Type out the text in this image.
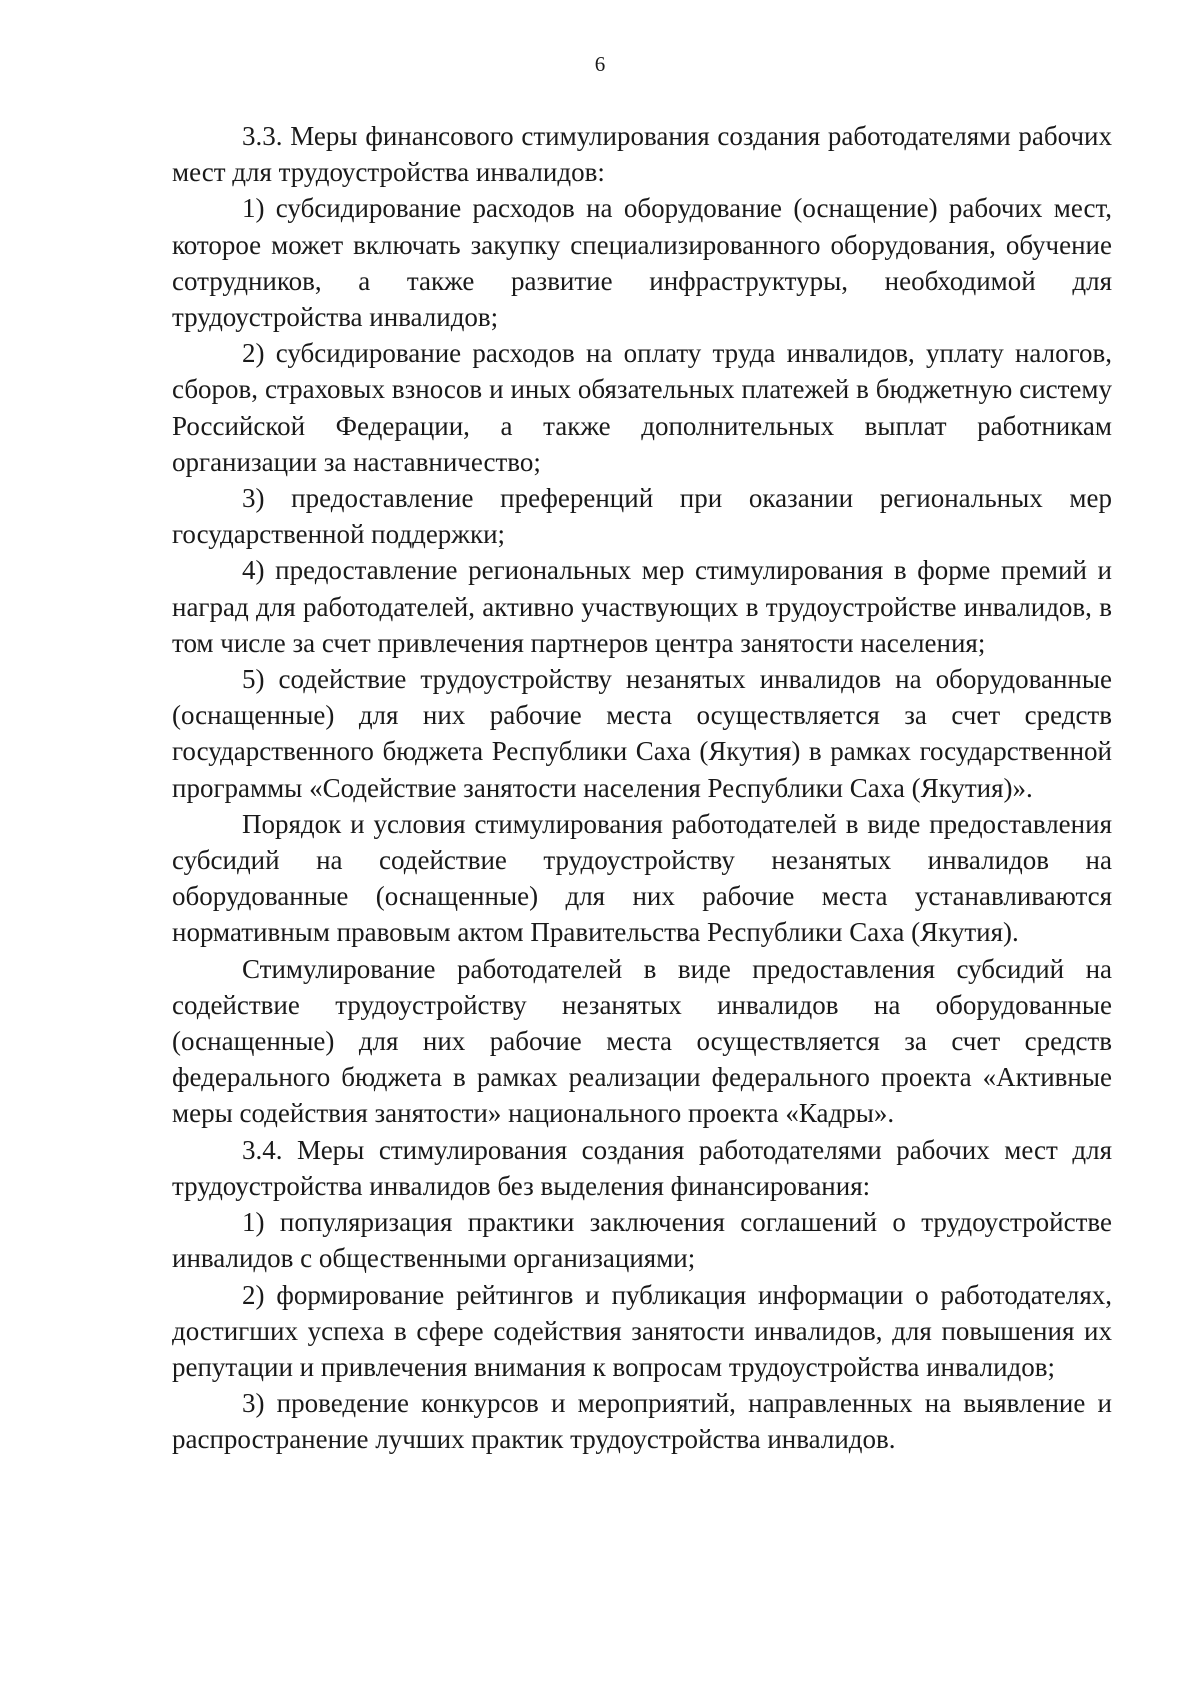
6

3.3. Меры финансового стимулирования создания работодателями рабочих мест для трудоустройства инвалидов:

1) субсидирование расходов на оборудование (оснащение) рабочих мест, которое может включать закупку специализированного оборудования, обучение сотрудников, а также развитие инфраструктуры, необходимой для трудоустройства инвалидов;

2) субсидирование расходов на оплату труда инвалидов, уплату налогов, сборов, страховых взносов и иных обязательных платежей в бюджетную систему Российской Федерации, а также дополнительных выплат работникам организации за наставничество;

3) предоставление преференций при оказании региональных мер государственной поддержки;

4) предоставление региональных мер стимулирования в форме премий и наград для работодателей, активно участвующих в трудоустройстве инвалидов, в том числе за счет привлечения партнеров центра занятости населения;

5) содействие трудоустройству незанятых инвалидов на оборудованные (оснащенные) для них рабочие места осуществляется за счет средств государственного бюджета Республики Саха (Якутия) в рамках государственной программы «Содействие занятости населения Республики Саха (Якутия)».

Порядок и условия стимулирования работодателей в виде предоставления субсидий на содействие трудоустройству незанятых инвалидов на оборудованные (оснащенные) для них рабочие места устанавливаются нормативным правовым актом Правительства Республики Саха (Якутия).

Стимулирование работодателей в виде предоставления субсидий на содействие трудоустройству незанятых инвалидов на оборудованные (оснащенные) для них рабочие места осуществляется за счет средств федерального бюджета в рамках реализации федерального проекта «Активные меры содействия занятости» национального проекта «Кадры».

3.4. Меры стимулирования создания работодателями рабочих мест для трудоустройства инвалидов без выделения финансирования:

1) популяризация практики заключения соглашений о трудоустройстве инвалидов с общественными организациями;

2) формирование рейтингов и публикация информации о работодателях, достигших успеха в сфере содействия занятости инвалидов, для повышения их репутации и привлечения внимания к вопросам трудоустройства инвалидов;

3) проведение конкурсов и мероприятий, направленных на выявление и распространение лучших практик трудоустройства инвалидов.
